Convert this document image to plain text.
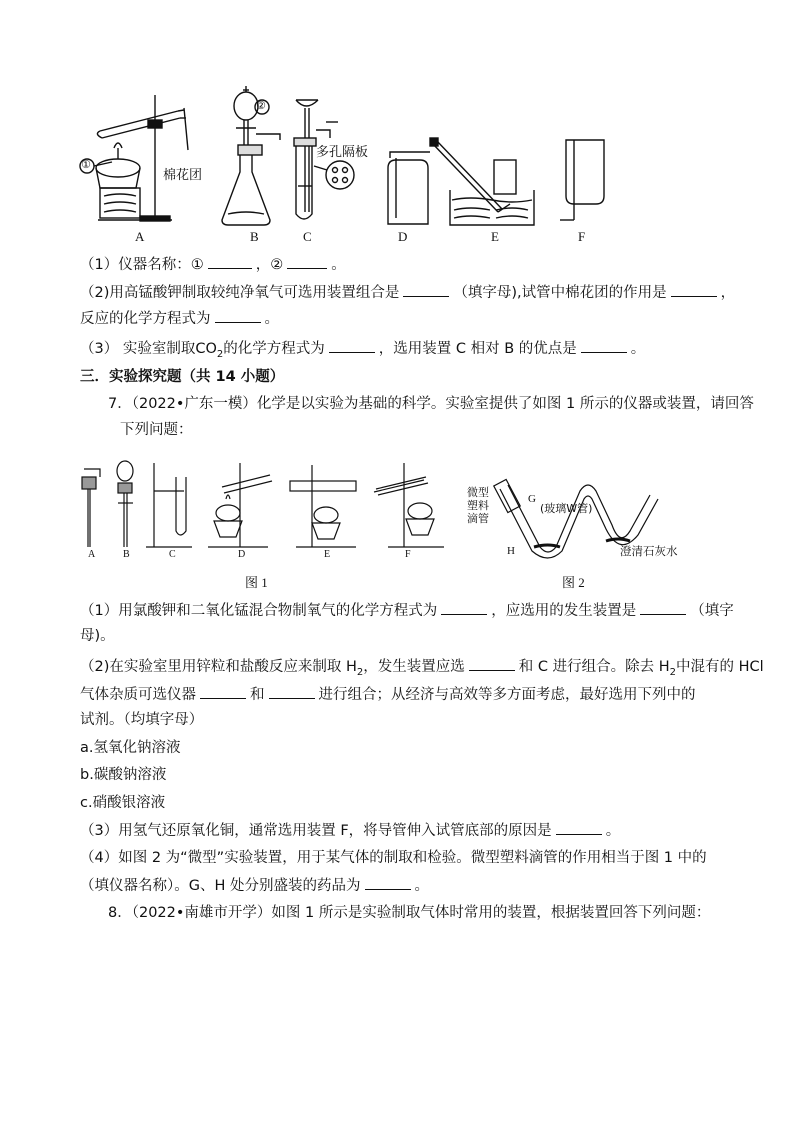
A	B	C	D	E	F
①
②
棉花团
多孔隔板
（1）仪器名称：①	，②	。
（2)用高锰酸钾制取较纯净氧气可选用装置组合是	（填字母),试管中棉花团的作用是	，
反应的化学方程式为	。
（3） 实验室制取$CO_2$的化学方程式为	，选用装置 C 相对 B 的优点是	。
三．实验探究题（共 14 小题）
7．（2022•广东一模）化学是以实验为基础的科学。实验室提供了如图 1 所示的仪器或装置，请回答
下列问题：
A	B	C	D	E	F
图 1	图 2
微型
塑料
滴管
G
(玻璃W管)
H	澄清石灰水
（1）用氯酸钾和二氧化锰混合物制氧气的化学方程式为	，应选用的发生装置是	（填字
母)。
（2)在实验室里用锌粒和盐酸反应来制取 $H_2$，发生装置应选	和 C 进行组合。除去 $H_2$中混有的 HCl
气体杂质可选仪器	和	进行组合；从经济与高效等多方面考虑，最好选用下列中的
试剂。（均填字母）
a.氢氧化钠溶液
b.碳酸钠溶液
c.硝酸银溶液
（3）用氢气还原氧化铜，通常选用装置 F，将导管伸入试管底部的原因是	。
（4）如图 2 为“微型”实验装置，用于某气体的制取和检验。微型塑料滴管的作用相当于图 1 中的
（填仪器名称）。G、H 处分别盛装的药品为	。
8．（2022•南雄市开学）如图 1 所示是实验制取气体时常用的装置，根据装置回答下列问题：
